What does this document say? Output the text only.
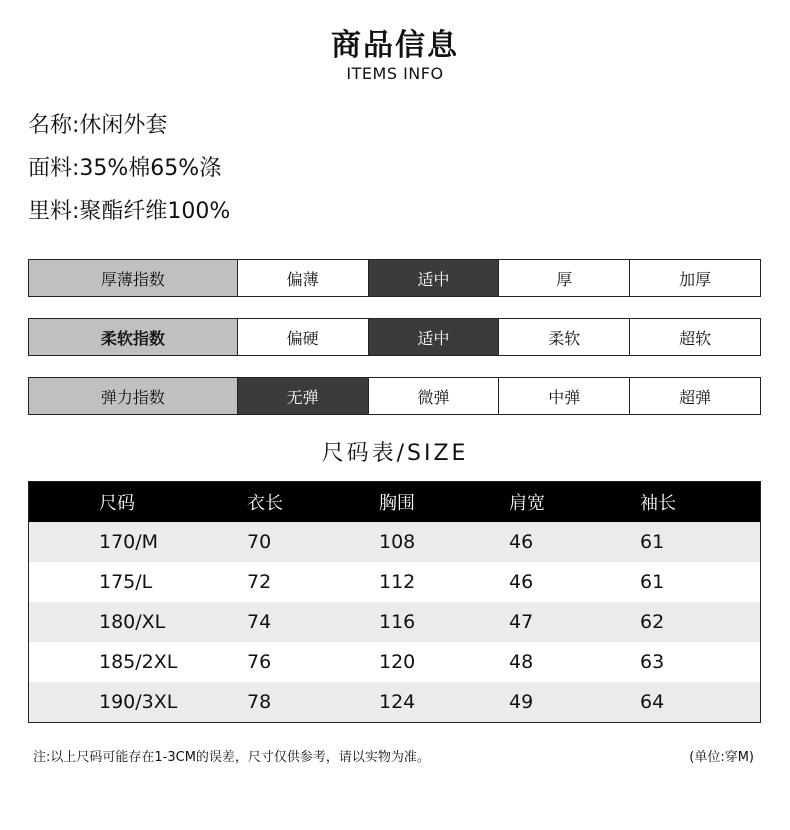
商品信息
ITEMS INFO
名称:休闲外套
面料:35%棉65%涤
里料:聚酯纤维100%
厚薄指数	偏薄	适中	厚	加厚
柔软指数	偏硬	适中	柔软	超软
弹力指数	无弹	微弹	中弹	超弹
尺码表/SIZE
尺码	衣长	胸围	肩宽	袖长
170/M	70	108	46	61
175/L	72	112	46	61
180/XL	74	116	47	62
185/2XL	76	120	48	63
190/3XL	78	124	49	64
注:以上尺码可能存在1-3CM的误差，尺寸仅供参考，请以实物为准。	(单位:穿M)
